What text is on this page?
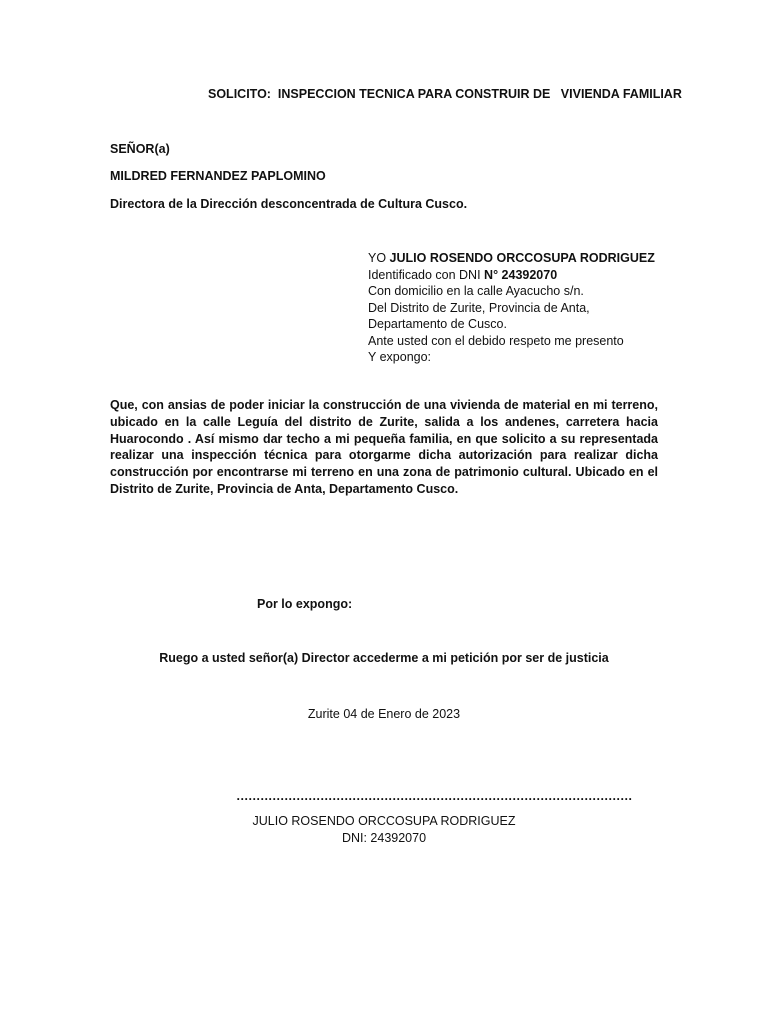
SOLICITO:  INSPECCION TECNICA PARA CONSTRUIR DE   VIVIENDA FAMILIAR
SEÑOR(a)
MILDRED FERNANDEZ PAPLOMINO
Directora de la Dirección desconcentrada de Cultura Cusco.
YO JULIO ROSENDO ORCCOSUPA RODRIGUEZ
Identificado con DNI N° 24392070
Con domicilio en la calle Ayacucho s/n.
Del Distrito de Zurite, Provincia de Anta,
Departamento de Cusco.
Ante usted con el debido respeto me presento
Y expongo:
Que, con ansias de poder iniciar la construcción de una vivienda de material en mi terreno, ubicado en la calle Leguía del distrito de Zurite, salida a los andenes, carretera hacia Huarocondo . Así mismo dar techo a mi pequeña familia, en que solicito a su representada realizar una inspección técnica para otorgarme dicha autorización para realizar dicha construcción por encontrarse mi terreno en una zona de patrimonio cultural. Ubicado en el Distrito de Zurite, Provincia de Anta, Departamento Cusco.
Por lo expongo:
Ruego a usted señor(a) Director accederme a mi petición por ser de justicia
Zurite 04 de Enero de 2023
………………………………………………………………………………………
JULIO ROSENDO ORCCOSUPA RODRIGUEZ
DNI: 24392070
